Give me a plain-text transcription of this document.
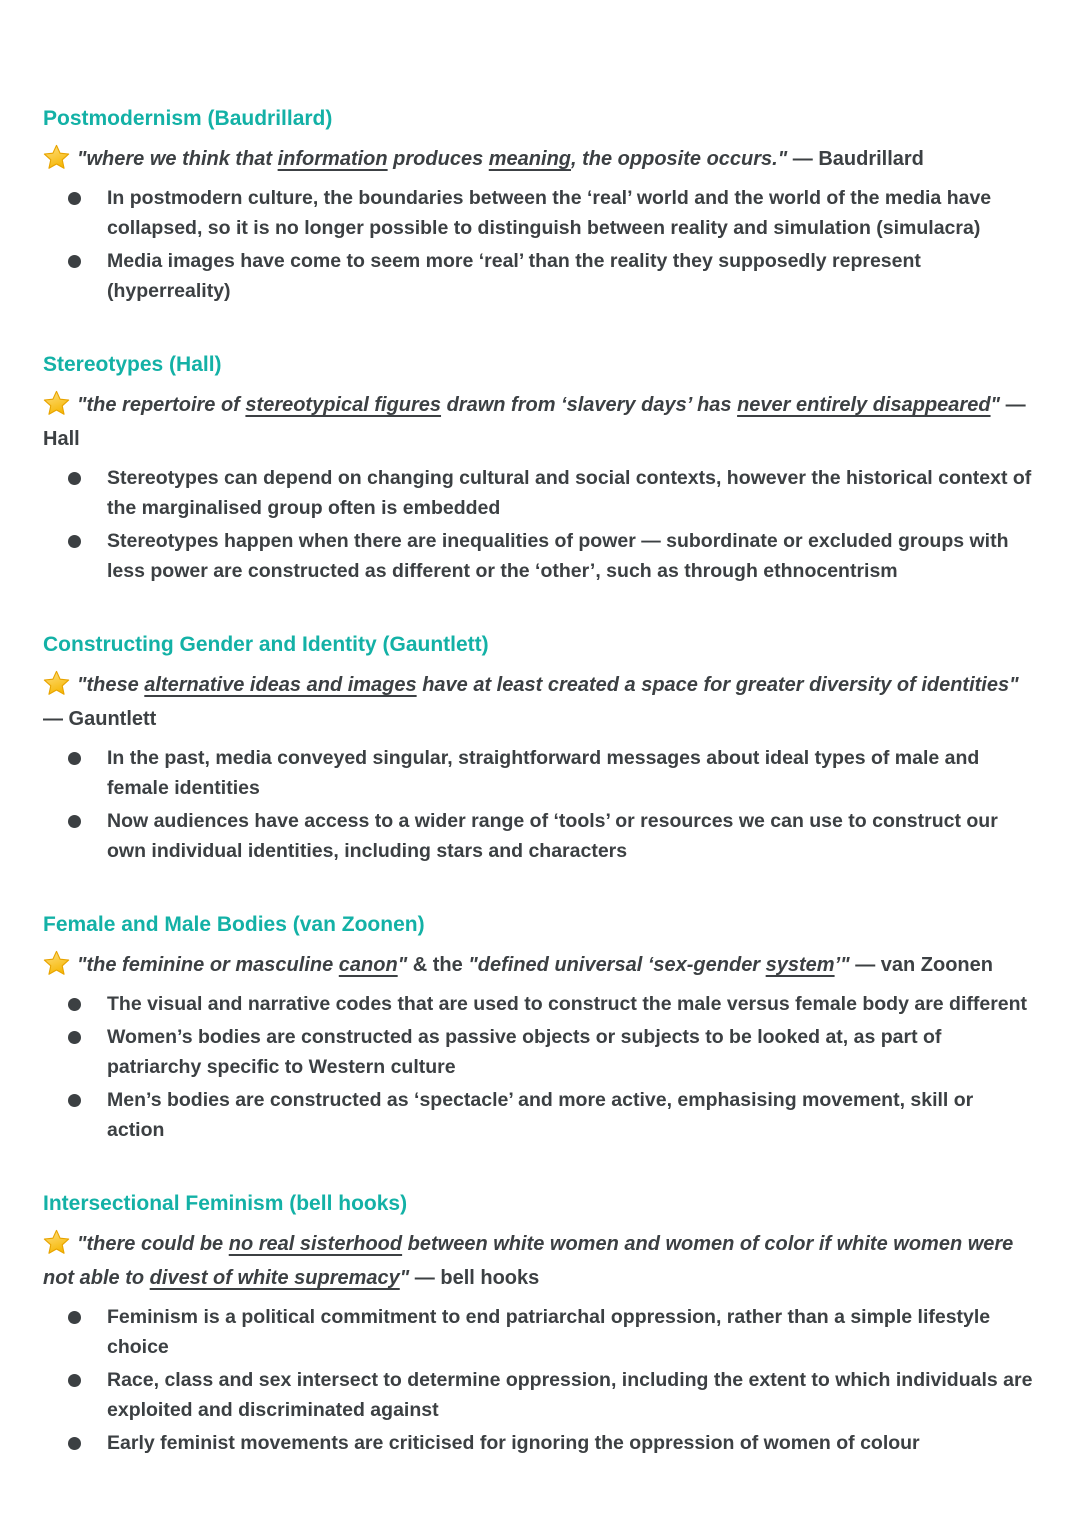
Postmodernism (Baudrillard)
"where we think that information produces meaning, the opposite occurs." — Baudrillard
In postmodern culture, the boundaries between the ‘real’ world and the world of the media have collapsed, so it is no longer possible to distinguish between reality and simulation (simulacra)
Media images have come to seem more ‘real’ than the reality they supposedly represent (hyperreality)
Stereotypes (Hall)
"the repertoire of stereotypical figures drawn from ‘slavery days’ has never entirely disappeared" — Hall
Stereotypes can depend on changing cultural and social contexts, however the historical context of the marginalised group often is embedded
Stereotypes happen when there are inequalities of power — subordinate or excluded groups with less power are constructed as different or the ‘other’, such as through ethnocentrism
Constructing Gender and Identity (Gauntlett)
"these alternative ideas and images have at least created a space for greater diversity of identities" — Gauntlett
In the past, media conveyed singular, straightforward messages about ideal types of male and female identities
Now audiences have access to a wider range of ‘tools’ or resources we can use to construct our own individual identities, including stars and characters
Female and Male Bodies (van Zoonen)
"the feminine or masculine canon" & the "defined universal ‘sex-gender system’" — van Zoonen
The visual and narrative codes that are used to construct the male versus female body are different
Women’s bodies are constructed as passive objects or subjects to be looked at, as part of patriarchy specific to Western culture
Men’s bodies are constructed as ‘spectacle’ and more active, emphasising movement, skill or action
Intersectional Feminism (bell hooks)
"there could be no real sisterhood between white women and women of color if white women were not able to divest of white supremacy" — bell hooks
Feminism is a political commitment to end patriarchal oppression, rather than a simple lifestyle choice
Race, class and sex intersect to determine oppression, including the extent to which individuals are exploited and discriminated against
Early feminist movements are criticised for ignoring the oppression of women of colour
